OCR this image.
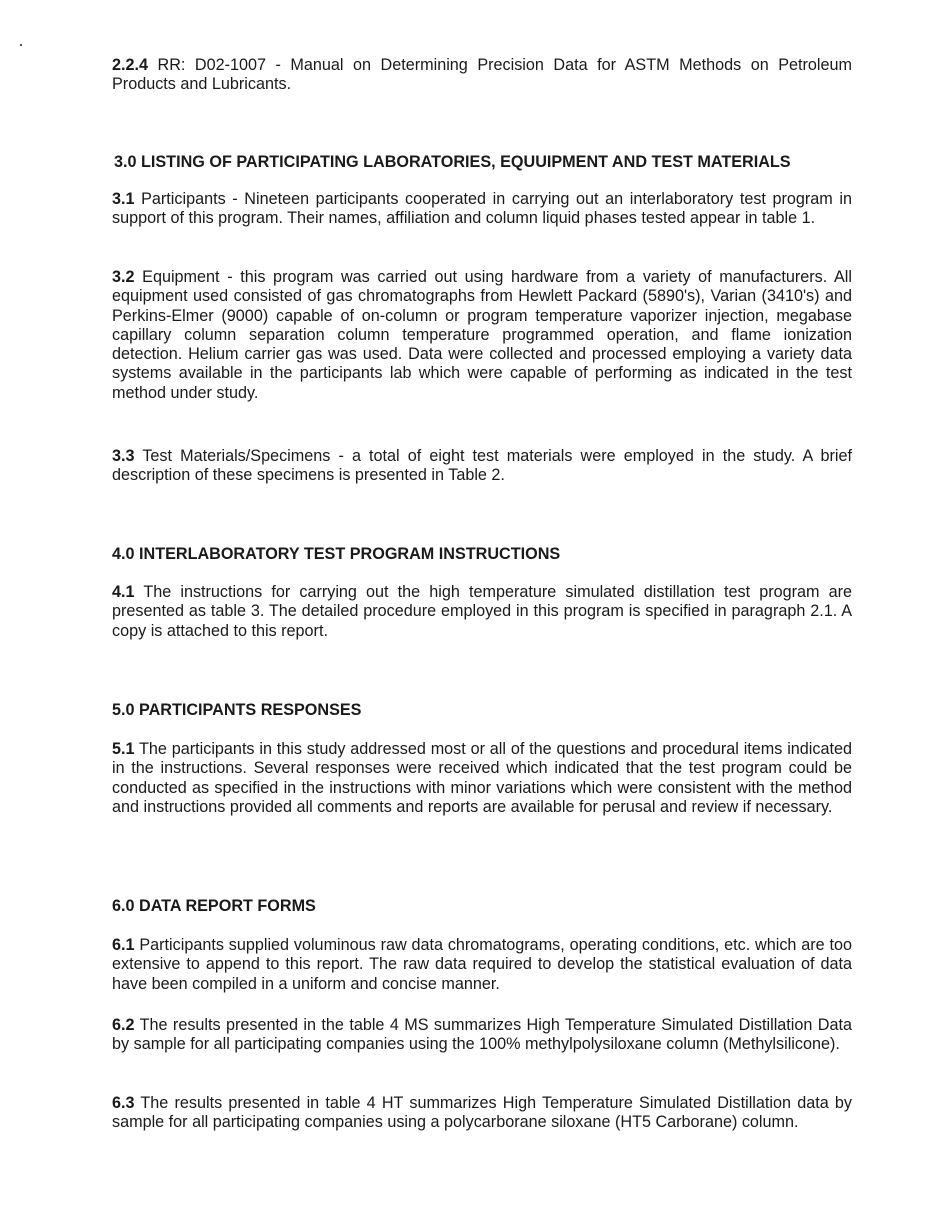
2.2.4 RR: D02-1007 - Manual on Determining Precision Data for ASTM Methods on Petroleum Products and Lubricants.

3.0 LISTING OF PARTICIPATING LABORATORIES, EQUUIPMENT AND TEST MATERIALS

3.1 Participants - Nineteen participants cooperated in carrying out an interlaboratory test program in support of this program. Their names, affiliation and column liquid phases tested appear in table 1.

3.2 Equipment - this program was carried out using hardware from a variety of manufacturers. All equipment used consisted of gas chromatographs from Hewlett Packard (5890's), Varian (3410's) and Perkins-Elmer (9000) capable of on-column or program temperature vaporizer injection, megabase capillary column separation column temperature programmed operation, and flame ionization detection. Helium carrier gas was used. Data were collected and processed employing a variety data systems available in the participants lab which were capable of performing as indicated in the test method under study.

3.3 Test Materials/Specimens - a total of eight test materials were employed in the study. A brief description of these specimens is presented in Table 2.

4.0 INTERLABORATORY TEST PROGRAM INSTRUCTIONS

4.1 The instructions for carrying out the high temperature simulated distillation test program are presented as table 3. The detailed procedure employed in this program is specified in paragraph 2.1. A copy is attached to this report.

5.0 PARTICIPANTS RESPONSES

5.1 The participants in this study addressed most or all of the questions and procedural items indicated in the instructions. Several responses were received which indicated that the test program could be conducted as specified in the instructions with minor variations which were consistent with the method and instructions provided all comments and reports are available for perusal and review if necessary.

6.0 DATA REPORT FORMS

6.1 Participants supplied voluminous raw data chromatograms, operating conditions, etc. which are too extensive to append to this report. The raw data required to develop the statistical evaluation of data have been compiled in a uniform and concise manner.

6.2 The results presented in the table 4 MS summarizes High Temperature Simulated Distillation Data by sample for all participating companies using the 100% methylpolysiloxane column (Methylsilicone).

6.3 The results presented in table 4 HT summarizes High Temperature Simulated Distillation data by sample for all participating companies using a polycarborane siloxane (HT5 Carborane) column.
